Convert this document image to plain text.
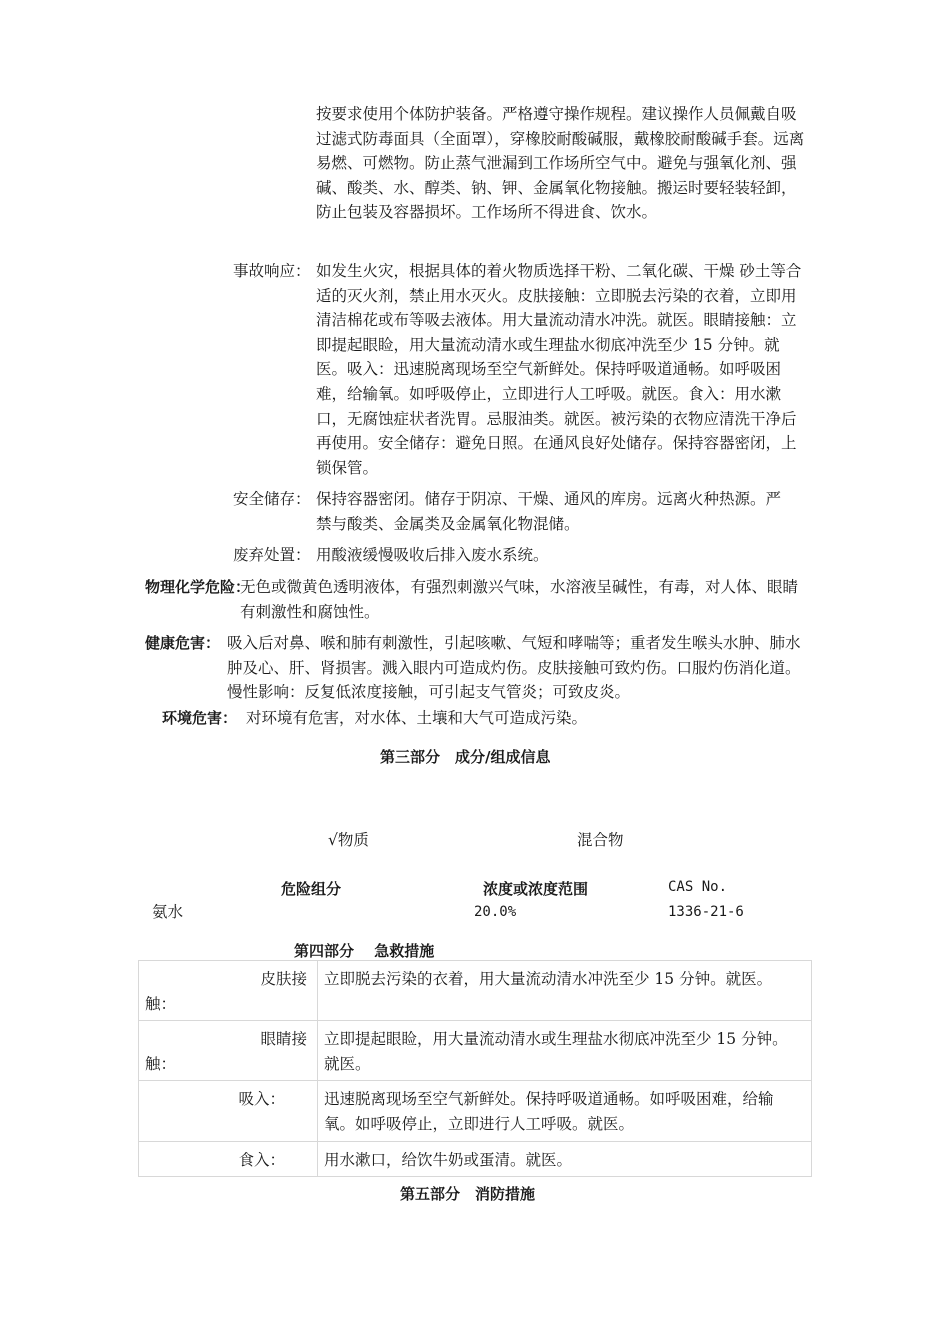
按要求使用个体防护装备。严格遵守操作规程。建议操作人员佩戴自吸过滤式防毒面具（全面罩），穿橡胶耐酸碱服，戴橡胶耐酸碱手套。远离易燃、可燃物。防止蒸气泄漏到工作场所空气中。避免与强氧化剂、强碱、酸类、水、醇类、钠、钾、金属氧化物接触。搬运时要轻装轻卸，防止包装及容器损坏。工作场所不得进食、饮水。
事故响应： 如发生火灾，根据具体的着火物质选择干粉、二氧化碳、干燥 砂土等合适的灭火剂，禁止用水灭火。皮肤接触：立即脱去污染的衣着，立即用清洁棉花或布等吸去液体。用大量流动清水冲洗。就医。眼睛接触：立即提起眼睑，用大量流动清水或生理盐水彻底冲洗至少 15 分钟。就医。吸入：迅速脱离现场至空气新鲜处。保持呼吸道通畅。如呼吸困难，给输氧。如呼吸停止，立即进行人工呼吸。就医。食入：用水漱口，无腐蚀症状者洗胃。忌服油类。就医。被污染的衣物应清洗干净后再使用。安全储存：避免日照。在通风良好处储存。保持容器密闭，上锁保管。
安全储存： 保持容器密闭。储存于阴凉、干燥、通风的库房。远离火种热源。严禁与酸类、金属类及金属氧化物混储。
废弃处置： 用酸液缓慢吸收后排入废水系统。
物理化学危险：
无色或微黄色透明液体，有强烈刺激兴气味，水溶液呈碱性，有毒，对人体、眼睛有刺激性和腐蚀性。
健康危害： 吸入后对鼻、喉和肺有刺激性，引起咳嗽、气短和哮喘等；重者发生喉头水肿、肺水肿及心、肝、肾损害。溅入眼内可造成灼伤。皮肤接触可致灼伤。口服灼伤消化道。 慢性影响：反复低浓度接触，可引起支气管炎；可致皮炎。
环境危害： 对环境有危害，对水体、土壤和大气可造成污染。
第三部分　成分/组成信息
√物质	混合物
危险组分	浓度或浓度范围	CAS No.
氨水	20.0%	1336-21-6
第四部分　 急救措施
皮肤接
触：	立即脱去污染的衣着，用大量流动清水冲洗至少 15 分钟。就医。

眼睛接
触：	立即提起眼睑，用大量流动清水或生理盐水彻底冲洗至少 15 分钟。就医。

吸入：	迅速脱离现场至空气新鲜处。保持呼吸道通畅。如呼吸困难，给输氧。如呼吸停止，立即进行人工呼吸。就医。

食入：	用水漱口，给饮牛奶或蛋清。就医。
第五部分　消防措施
